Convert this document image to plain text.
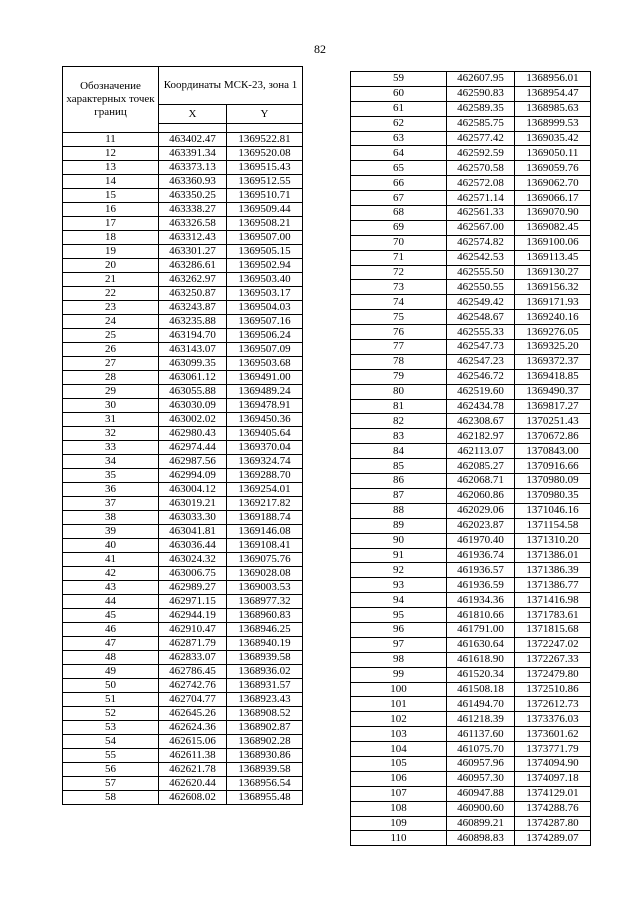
82
Обозначение характерных точек границ	Координаты МСК-23, зона 1	
	X	Y

11	463402.47	1369522.81
12	463391.34	1369520.08
13	463373.13	1369515.43
14	463360.93	1369512.55
15	463350.25	1369510.71
16	463338.27	1369509.44
17	463326.58	1369508.21
18	463312.43	1369507.00
19	463301.27	1369505.15
20	463286.61	1369502.94
21	463262.97	1369503.40
22	463250.87	1369503.17
23	463243.87	1369504.03
24	463235.88	1369507.16
25	463194.70	1369506.24
26	463143.07	1369507.09
27	463099.35	1369503.68
28	463061.12	1369491.00
29	463055.88	1369489.24
30	463030.09	1369478.91
31	463002.02	1369450.36
32	462980.43	1369405.64
33	462974.44	1369370.04
34	462987.56	1369324.74
35	462994.09	1369288.70
36	463004.12	1369254.01
37	463019.21	1369217.82
38	463033.30	1369188.74
39	463041.81	1369146.08
40	463036.44	1369108.41
41	463024.32	1369075.76
42	463006.75	1369028.08
43	462989.27	1369003.53
44	462971.15	1368977.32
45	462944.19	1368960.83
46	462910.47	1368946.25
47	462871.79	1368940.19
48	462833.07	1368939.58
49	462786.45	1368936.02
50	462742.76	1368931.57
51	462704.77	1368923.43
52	462645.26	1368908.52
53	462624.36	1368902.87
54	462615.06	1368902.28
55	462611.38	1368930.86
56	462621.78	1368939.58
57	462620.44	1368956.54
58	462608.02	1368955.48
59	462607.95	1368956.01
60	462590.83	1368954.47
61	462589.35	1368985.63
62	462585.75	1368999.53
63	462577.42	1369035.42
64	462592.59	1369050.11
65	462570.58	1369059.76
66	462572.08	1369062.70
67	462571.14	1369066.17
68	462561.33	1369070.90
69	462567.00	1369082.45
70	462574.82	1369100.06
71	462542.53	1369113.45
72	462555.50	1369130.27
73	462550.55	1369156.32
74	462549.42	1369171.93
75	462548.67	1369240.16
76	462555.33	1369276.05
77	462547.73	1369325.20
78	462547.23	1369372.37
79	462546.72	1369418.85
80	462519.60	1369490.37
81	462434.78	1369817.27
82	462308.67	1370251.43
83	462182.97	1370672.86
84	462113.07	1370843.00
85	462085.27	1370916.66
86	462068.71	1370980.09
87	462060.86	1370980.35
88	462029.06	1371046.16
89	462023.87	1371154.58
90	461970.40	1371310.20
91	461936.74	1371386.01
92	461936.57	1371386.39
93	461936.59	1371386.77
94	461934.36	1371416.98
95	461810.66	1371783.61
96	461791.00	1371815.68
97	461630.64	1372247.02
98	461618.90	1372267.33
99	461520.34	1372479.80
100	461508.18	1372510.86
101	461494.70	1372612.73
102	461218.39	1373376.03
103	461137.60	1373601.62
104	461075.70	1373771.79
105	460957.96	1374094.90
106	460957.30	1374097.18
107	460947.88	1374129.01
108	460900.60	1374288.76
109	460899.21	1374287.80
110	460898.83	1374289.07
